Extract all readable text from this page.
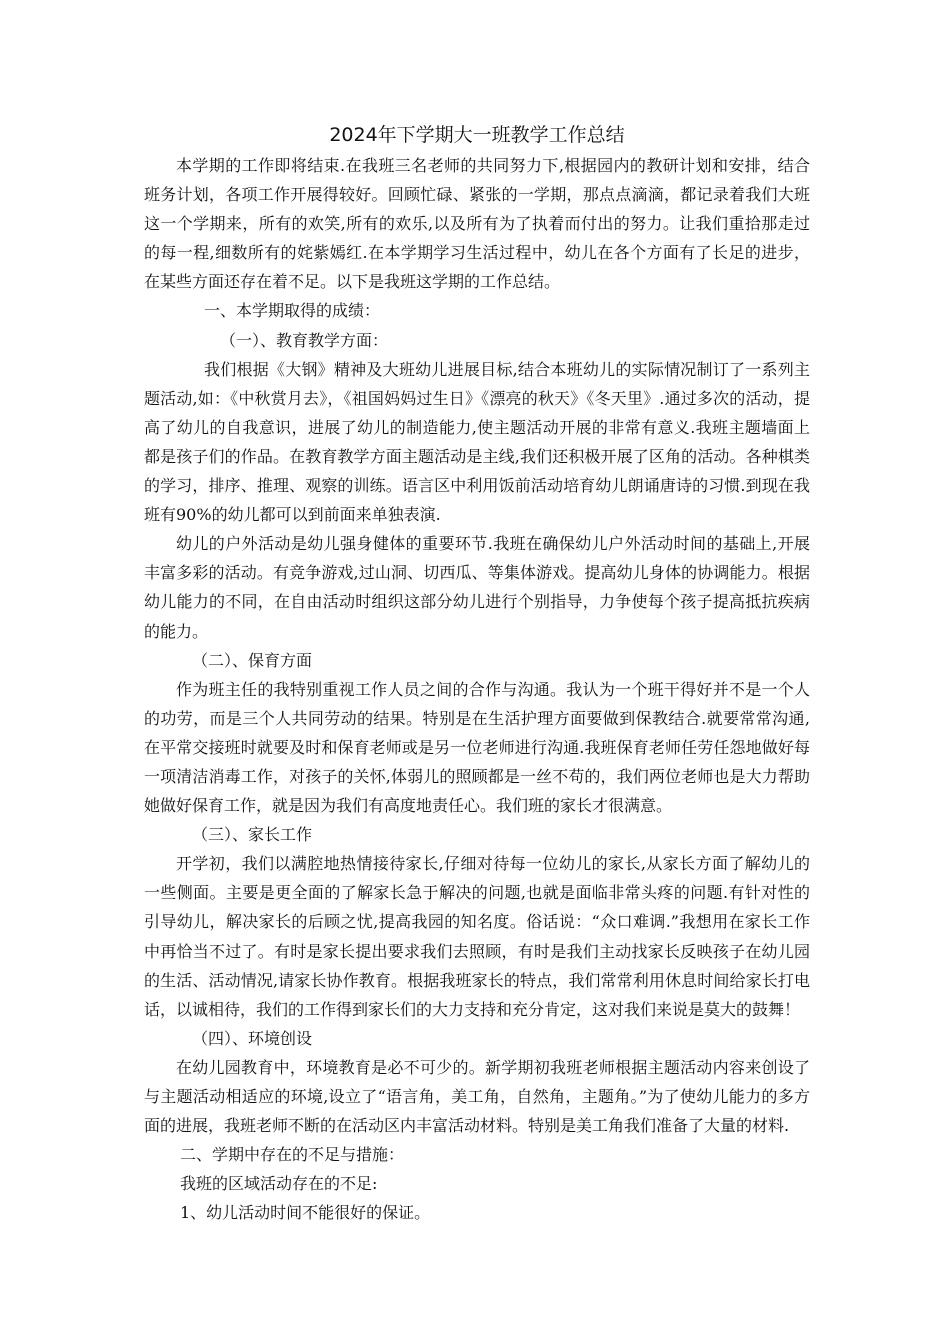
2024年下学期大一班教学工作总结

本学期的工作即将结束.在我班三名老师的共同努力下,根据园内的教研计划和安排，结合班务计划，各项工作开展得较好。回顾忙碌、紧张的一学期，那点点滴滴，都记录着我们大班这一个学期来，所有的欢笑,所有的欢乐,以及所有为了执着而付出的努力。让我们重拾那走过的每一程,细数所有的姹紫嫣红.在本学期学习生活过程中，幼儿在各个方面有了长足的进步，在某些方面还存在着不足。以下是我班这学期的工作总结。

一、本学期取得的成绩：

（一）、教育教学方面：

我们根据《大钢》精神及大班幼儿进展目标,结合本班幼儿的实际情况制订了一系列主题活动,如：《中秋赏月去》，《祖国妈妈过生日》《漂亮的秋天》《冬天里》.通过多次的活动，提高了幼儿的自我意识，进展了幼儿的制造能力,使主题活动开展的非常有意义.我班主题墙面上都是孩子们的作品。在教育教学方面主题活动是主线,我们还积极开展了区角的活动。各种棋类的学习，排序、推理、观察的训练。语言区中利用饭前活动培育幼儿朗诵唐诗的习惯.到现在我班有90%的幼儿都可以到前面来单独表演.

幼儿的户外活动是幼儿强身健体的重要环节.我班在确保幼儿户外活动时间的基础上,开展丰富多彩的活动。有竞争游戏,过山洞、切西瓜、等集体游戏。提高幼儿身体的协调能力。根据幼儿能力的不同，在自由活动时组织这部分幼儿进行个别指导，力争使每个孩子提高抵抗疾病的能力。

（二）、保育方面

作为班主任的我特别重视工作人员之间的合作与沟通。我认为一个班干得好并不是一个人的功劳，而是三个人共同劳动的结果。特别是在生活护理方面要做到保教结合.就要常常沟通,在平常交接班时就要及时和保育老师或是另一位老师进行沟通.我班保育老师任劳任怨地做好每一项清洁消毒工作，对孩子的关怀,体弱儿的照顾都是一丝不苟的，我们两位老师也是大力帮助她做好保育工作，就是因为我们有高度地责任心。我们班的家长才很满意。

（三）、家长工作

开学初，我们以满腔地热情接待家长,仔细对待每一位幼儿的家长,从家长方面了解幼儿的一些侧面。主要是更全面的了解家长急于解决的问题,也就是面临非常头疼的问题.有针对性的引导幼儿，解决家长的后顾之忧,提高我园的知名度。俗话说：“众口难调.”我想用在家长工作中再恰当不过了。有时是家长提出要求我们去照顾，有时是我们主动找家长反映孩子在幼儿园的生活、活动情况,请家长协作教育。根据我班家长的特点，我们常常利用休息时间给家长打电话，以诚相待，我们的工作得到家长们的大力支持和充分肯定，这对我们来说是莫大的鼓舞！

（四）、环境创设

在幼儿园教育中，环境教育是必不可少的。新学期初我班老师根据主题活动内容来创设了与主题活动相适应的环境,设立了“语言角，美工角，自然角，主题角。”为了使幼儿能力的多方面的进展，我班老师不断的在活动区内丰富活动材料。特别是美工角我们准备了大量的材料.

二、学期中存在的不足与措施：

我班的区域活动存在的不足:

1、幼儿活动时间不能很好的保证。
